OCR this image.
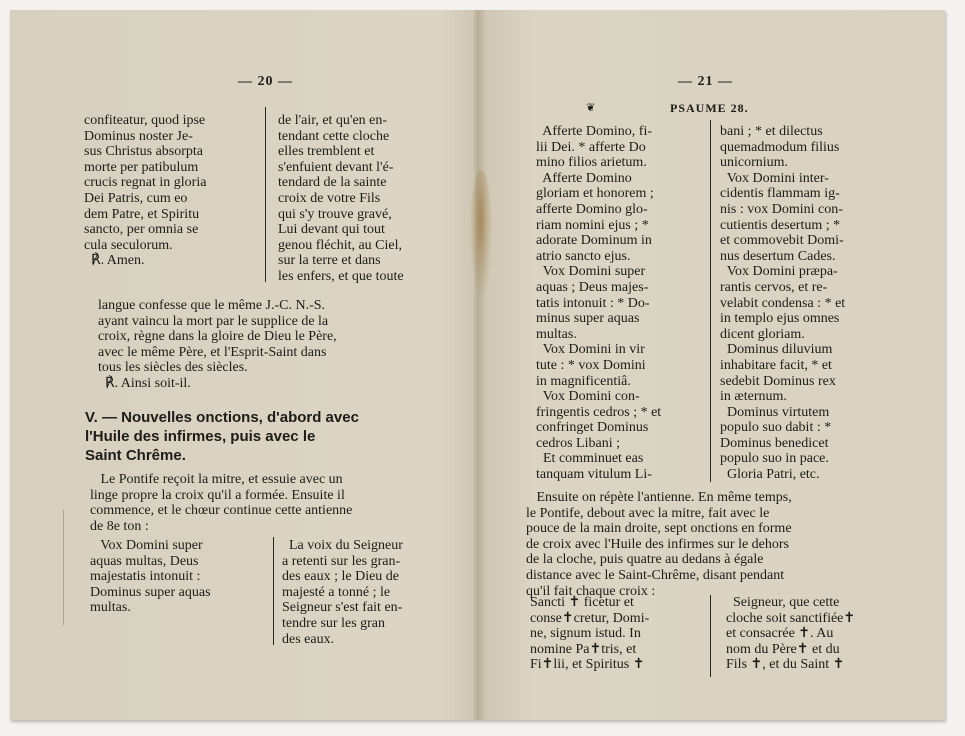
— 20 —
confiteatur, quod ipse
Dominus noster Je-
sus Christus absorpta
morte per patibulum
crucis regnat in gloria
Dei Patris, cum eo
dem Patre, et Spiritu
sancto, per omnia se
cula seculorum.
℟. Amen.
de l'air, et qu'en en-
tendant cette cloche
elles tremblent et
s'enfuient devant l'é-
tendard de la sainte
croix de votre Fils
qui s'y trouve gravé,
Lui devant qui tout
genou fléchit, au Ciel,
sur la terre et dans
les enfers, et que toute
langue confesse que le même J.-C. N.-S.
ayant vaincu la mort par le supplice de la
croix, règne dans la gloire de Dieu le Père,
avec le même Père, et l'Esprit-Saint dans
tous les siècles des siècles.
℟. Ainsi soit-il.
V. — Nouvelles onctions, d'abord avec
l'Huile des infirmes, puis avec le
Saint Chrême.
Le Pontife reçoit la mitre, et essuie avec un
linge propre la croix qu'il a formée. Ensuite il
commence, et le chœur continue cette antienne
de 8e ton :
Vox Domini super
aquas multas, Deus
majestatis intonuit :
Dominus super aquas
multas.
La voix du Seigneur
a retenti sur les gran-
des eaux ; le Dieu de
majesté a tonné ; le
Seigneur s'est fait en-
tendre sur les gran
des eaux.
— 21 —
❦	PSAUME 28.
Afferte Domino, fi-
lii Dei. * afferte Do
mino filios arietum.
Afferte Domino
gloriam et honorem ;
afferte Domino glo-
riam nomini ejus ; *
adorate Dominum in
atrio sancto ejus.
Vox Domini super
aquas ; Deus majes-
tatis intonuit : * Do-
minus super aquas
multas.
Vox Domini in vir
tute : * vox Domini
in magnificentiâ.
Vox Domini con-
fringentis cedros ; * et
confringet Dominus
cedros Libani ;
Et comminuet eas
tanquam vitulum Li-
bani ; * et dilectus
quemadmodum filius
unicornium.
Vox Domini inter-
cidentis flammam ig-
nis : vox Domini con-
cutientis desertum ; *
et commovebit Domi-
nus desertum Cades.
Vox Domini præpa-
rantis cervos, et re-
velabit condensa : * et
in templo ejus omnes
dicent gloriam.
Dominus diluvium
inhabitare facit, * et
sedebit Dominus rex
in æternum.
Dominus virtutem
populo suo dabit : *
Dominus benedicet
populo suo in pace.
Gloria Patri, etc.
Ensuite on répète l'antienne. En même temps,
le Pontife, debout avec la mitre, fait avec le
pouce de la main droite, sept onctions en forme
de croix avec l'Huile des infirmes sur le dehors
de la cloche, puis quatre au dedans à égale
distance avec le Saint-Chrême, disant pendant
qu'il fait chaque croix :
Sancti ✝ ficetur et
conse✝cretur, Domi-
ne, signum istud. In
nomine Pa✝tris, et
Fi✝lii, et Spiritus ✝
Seigneur, que cette
cloche soit sanctifiée✝
et consacrée ✝. Au
nom du Père✝ et du
Fils ✝, et du Saint ✝
